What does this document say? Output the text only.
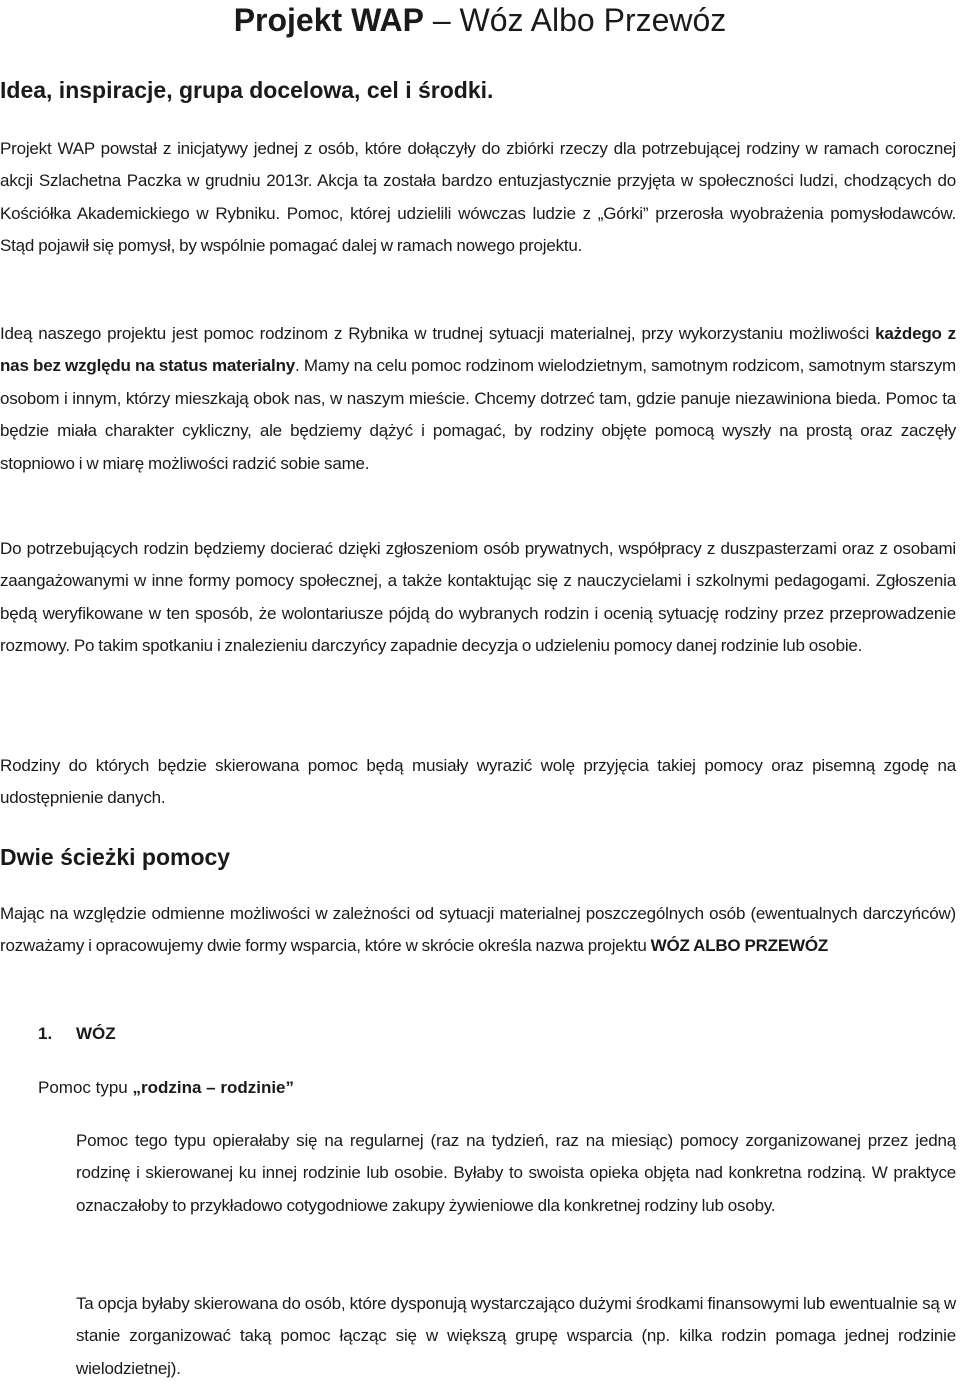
Projekt WAP – Wóz Albo Przewóz
Idea, inspiracje, grupa docelowa, cel i środki.
Projekt WAP powstał z inicjatywy jednej z osób, które dołączyły do zbiórki rzeczy dla potrzebującej rodziny w ramach corocznej akcji Szlachetna Paczka w grudniu 2013r. Akcja ta została bardzo entuzjastycznie przyjęta w społeczności ludzi, chodzących do Kościółka Akademickiego w Rybniku. Pomoc, której udzielili wówczas ludzie z „Górki” przerosła wyobrażenia pomysłodawców. Stąd pojawił się pomysł, by wspólnie pomagać dalej w ramach nowego projektu.
Ideą naszego projektu jest pomoc rodzinom z Rybnika w trudnej sytuacji materialnej, przy wykorzystaniu możliwości każdego z nas bez względu na status materialny. Mamy na celu pomoc rodzinom wielodzietnym, samotnym rodzicom, samotnym starszym osobom i innym, którzy mieszkają obok nas, w naszym mieście. Chcemy dotrzeć tam, gdzie panuje niezawiniona bieda. Pomoc ta będzie miała charakter cykliczny, ale będziemy dążyć i pomagać, by rodziny objęte pomocą wyszły na prostą oraz zaczęły stopniowo i w miarę możliwości radzić sobie same.
Do potrzebujących rodzin będziemy docierać dzięki zgłoszeniom osób prywatnych, współpracy z duszpasterzami oraz z osobami zaangażowanymi w inne formy pomocy społecznej, a także kontaktując się z nauczycielami i szkolnymi pedagogami. Zgłoszenia będą weryfikowane w ten sposób, że wolontariusze pójdą do wybranych rodzin i ocenią sytuację rodziny przez przeprowadzenie rozmowy. Po takim spotkaniu i znalezieniu darczyńcy zapadnie decyzja o udzieleniu pomocy danej rodzinie lub osobie.
Rodziny do których będzie skierowana pomoc będą musiały wyrazić wolę przyjęcia takiej pomocy oraz pisemną zgodę na udostępnienie danych.
Dwie ścieżki pomocy
Mając na względzie odmienne możliwości w zależności od sytuacji materialnej poszczególnych osób (ewentualnych darczyńców) rozważamy i opracowujemy dwie formy wsparcia, które w skrócie określa nazwa projektu WÓZ ALBO PRZEWÓZ
1. WÓZ
Pomoc typu „rodzina – rodzinie”
Pomoc tego typu opierałaby się na regularnej (raz na tydzień, raz na miesiąc) pomocy zorganizowanej przez jedną rodzinę i skierowanej ku innej rodzinie lub osobie. Byłaby to swoista opieka objęta nad konkretna rodziną. W praktyce oznaczałoby to przykładowo cotygodniowe zakupy żywieniowe dla konkretnej rodziny lub osoby.
Ta opcja byłaby skierowana do osób, które dysponują wystarczająco dużymi środkami finansowymi lub ewentualnie są w stanie zorganizować taką pomoc łącząc się w większą grupę wsparcia (np. kilka rodzin pomaga jednej rodzinie wielodzietnej).
